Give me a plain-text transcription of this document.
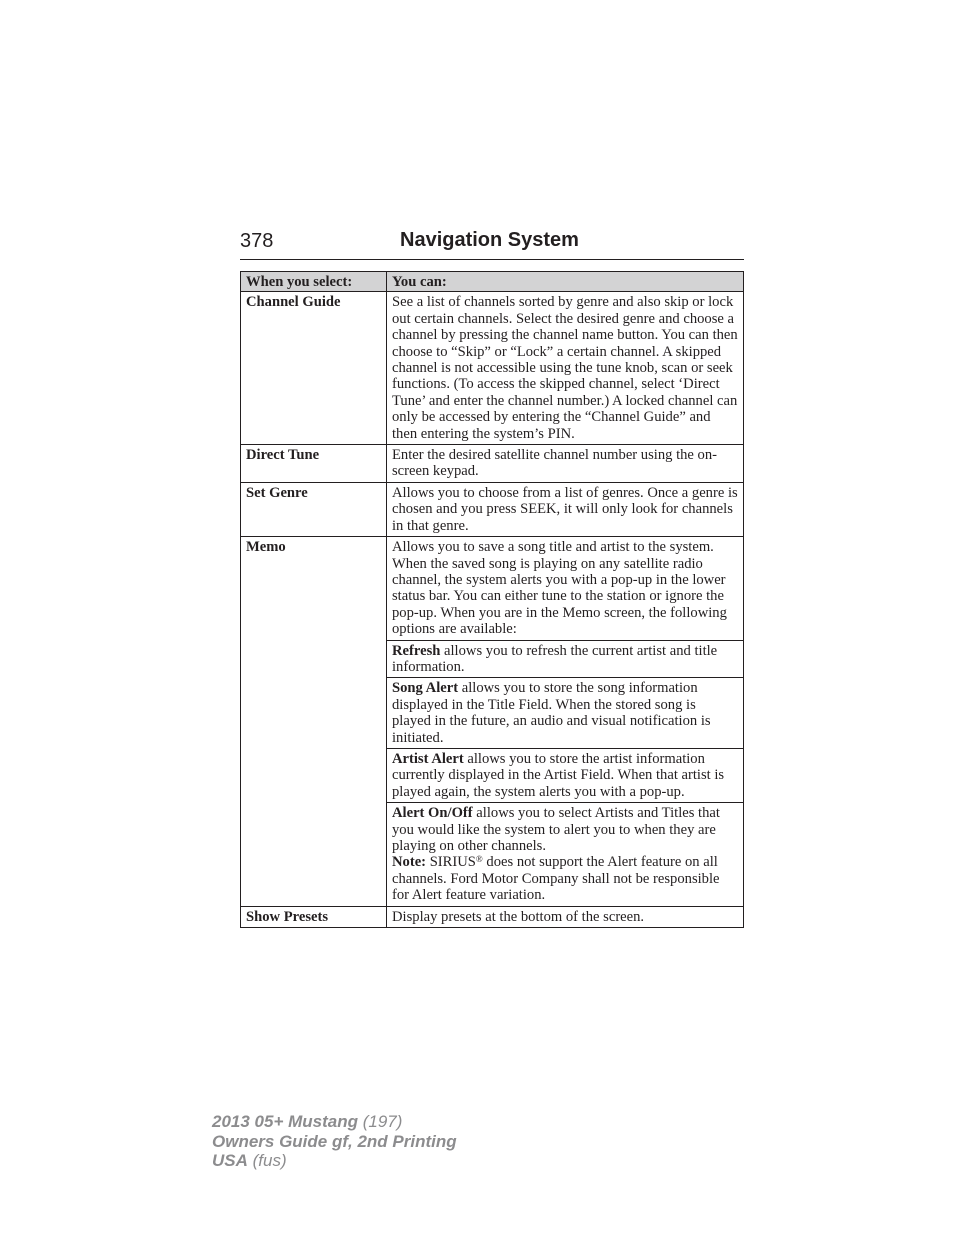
378	Navigation System
When you select:	You can:
Channel Guide	See a list of channels sorted by genre and also skip or lock out certain channels. Select the desired genre and choose a channel by pressing the channel name button. You can then choose to “Skip” or “Lock” a certain channel. A skipped channel is not accessible using the tune knob, scan or seek functions. (To access the skipped channel, select ‘Direct Tune’ and enter the channel number.) A locked channel can only be accessed by entering the “Channel Guide” and then entering the system’s PIN.
Direct Tune	Enter the desired satellite channel number using the on-screen keypad.
Set Genre	Allows you to choose from a list of genres. Once a genre is chosen and you press SEEK, it will only look for channels in that genre.
Memo	Allows you to save a song title and artist to the system. When the saved song is playing on any satellite radio channel, the system alerts you with a pop-up in the lower status bar. You can either tune to the station or ignore the pop-up. When you are in the Memo screen, the following options are available:
	Refresh allows you to refresh the current artist and title information.
	Song Alert allows you to store the song information displayed in the Title Field. When the stored song is played in the future, an audio and visual notification is initiated.
	Artist Alert allows you to store the artist information currently displayed in the Artist Field. When that artist is played again, the system alerts you with a pop-up.
	Alert On/Off allows you to select Artists and Titles that you would like the system to alert you to when they are playing on other channels.
Note: SIRIUS® does not support the Alert feature on all channels. Ford Motor Company shall not be responsible for Alert feature variation.
Show Presets	Display presets at the bottom of the screen.
2013 05+ Mustang (197)
Owners Guide gf, 2nd Printing
USA (fus)
